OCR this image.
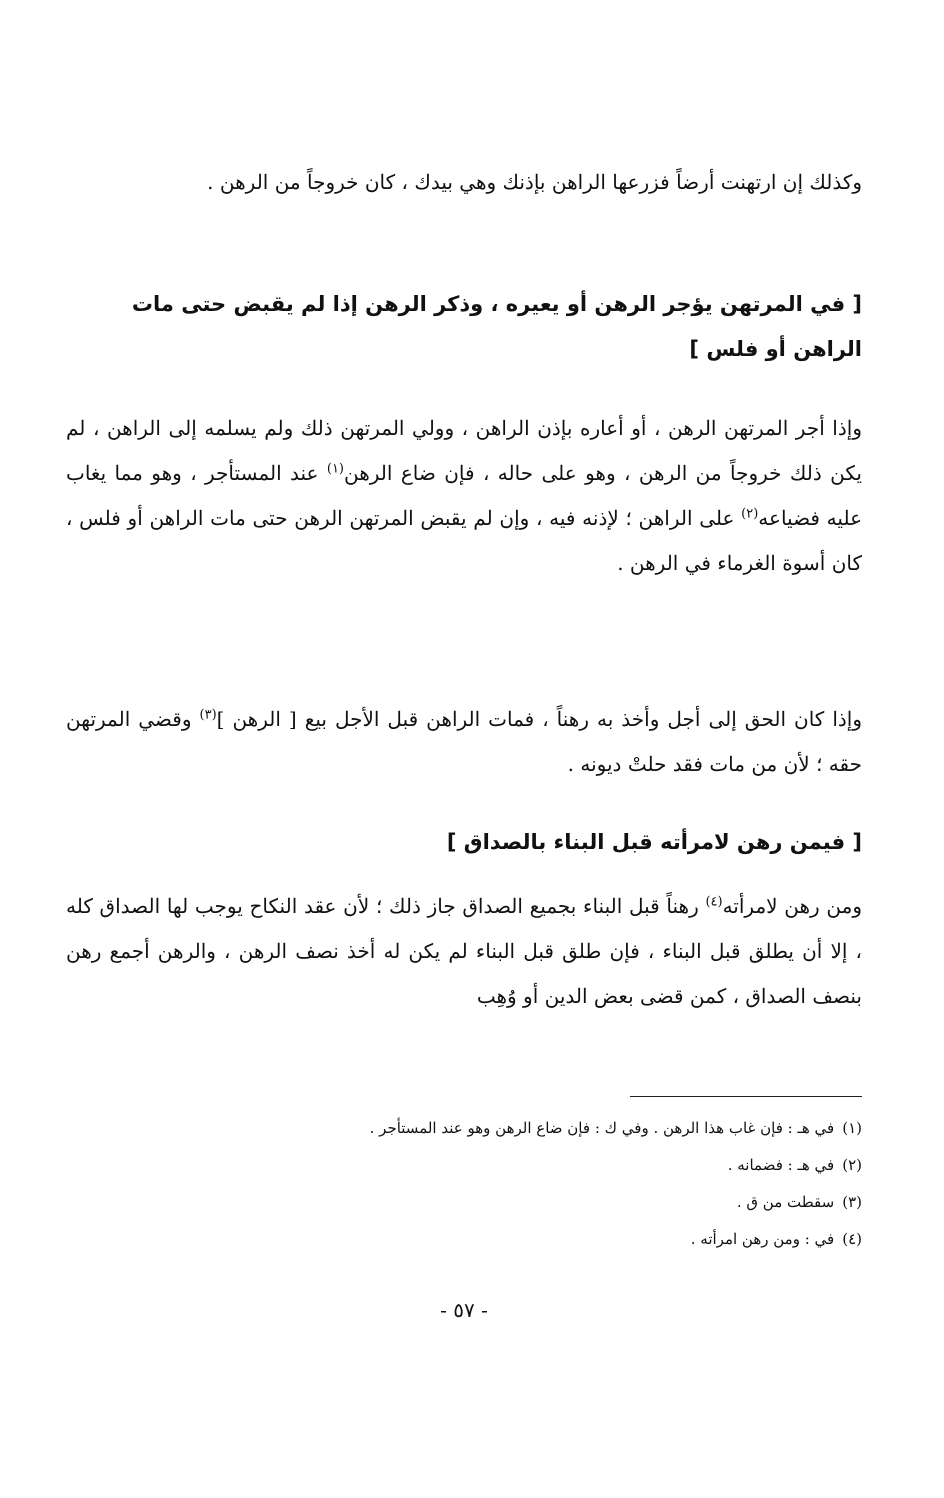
وكذلك إن ارتهنت أرضاً فزرعها الراهن بإذنك وهي بيدك ، كان خروجاً من الرهن .

[ في المرتهن يؤجر الرهن أو يعيره ، وذكر الرهن إذا لم يقبض حتى مات الراهن أو فلس ]

وإذا أجر المرتهن الرهن ، أو أعاره بإذن الراهن ، وولي المرتهن ذلك ولم يسلمه إلى الراهن ، لم يكن ذلك خروجاً من الرهن ، وهو على حاله ، فإن ضاع الرهن$^{(١)}$ عند المستأجر ، وهو مما يغاب عليه فضياعه$^{(٢)}$ على الراهن ؛ لإذنه فيه ، وإن لم يقبض المرتهن الرهن حتى مات الراهن أو فلس ، كان أسوة الغرماء في الرهن .

وإذا كان الحق إلى أجل وأخذ به رهناً ، فمات الراهن قبل الأجل بيع [ الرهن ]$^{(٣)}$ وقضي المرتهن حقه ؛ لأن من مات فقد حلتْ ديونه .

[ فيمن رهن لامرأته قبل البناء بالصداق ]

ومن رهن لامرأته$^{(٤)}$ رهناً قبل البناء بجميع الصداق جاز ذلك ؛ لأن عقد النكاح يوجب لها الصداق كله ، إلا أن يطلق قبل البناء ، فإن طلق قبل البناء لم يكن له أخذ نصف الرهن ، والرهن أجمع رهن بنصف الصداق ، كمن قضى بعض الدين أو وُهِب

(١)في هـ : فإن غاب هذا الرهن . وفي ك : فإن ضاع الرهن وهو عند المستأجر .
(٢)في هـ : فضمانه .
(٣)سقطت من ق .
(٤)في : ومن رهن امرأته .
- ٥٧ -
